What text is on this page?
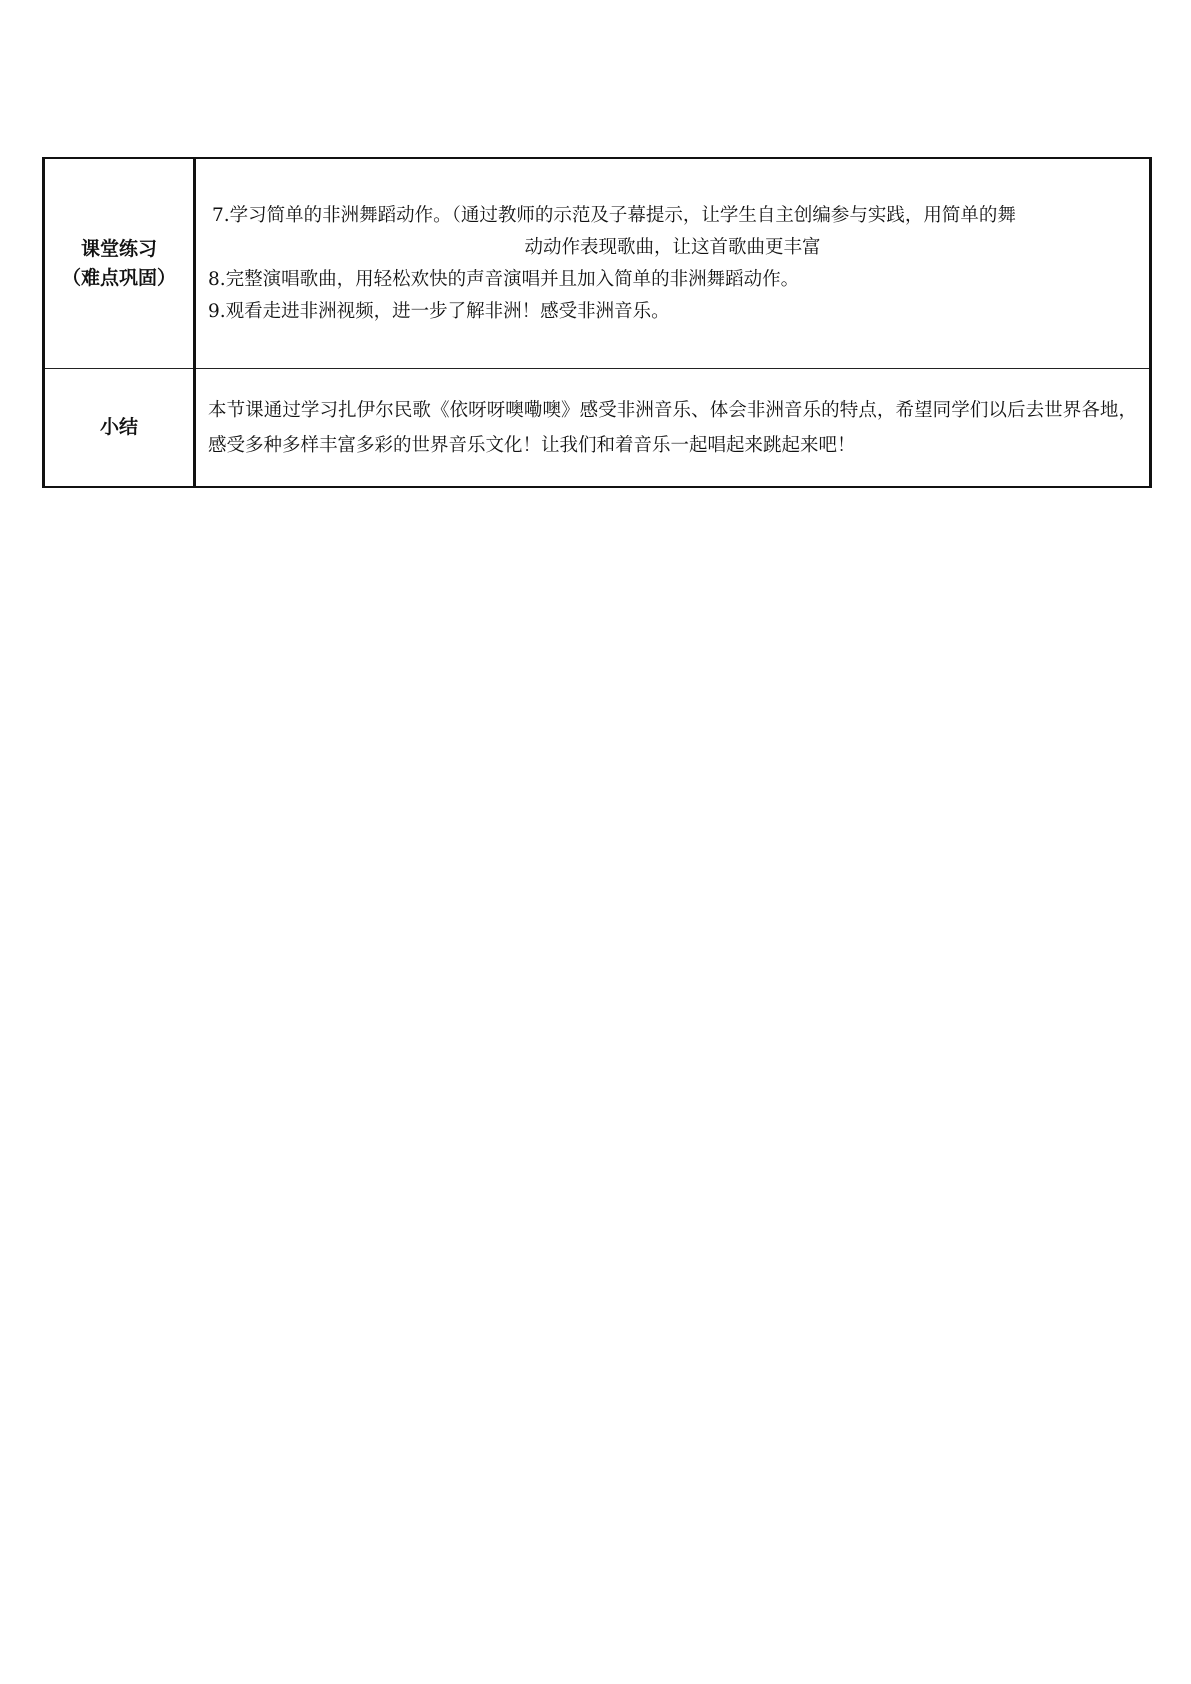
课堂练习
（难点巩固）	7.学习简单的非洲舞蹈动作。（通过教师的示范及子幕提示，让学生自主创编参与实践，用简单的舞
动动作表现歌曲，让这首歌曲更丰富
8.完整演唱歌曲，用轻松欢快的声音演唱并且加入简单的非洲舞蹈动作。
9.观看走进非洲视频，进一步了解非洲！感受非洲音乐。

小结	本节课通过学习扎伊尔民歌《依呀呀噢嘞噢》感受非洲音乐、体会非洲音乐的特点，希望同学们以后去世界各地，感受多种多样丰富多彩的世界音乐文化！让我们和着音乐一起唱起来跳起来吧！
